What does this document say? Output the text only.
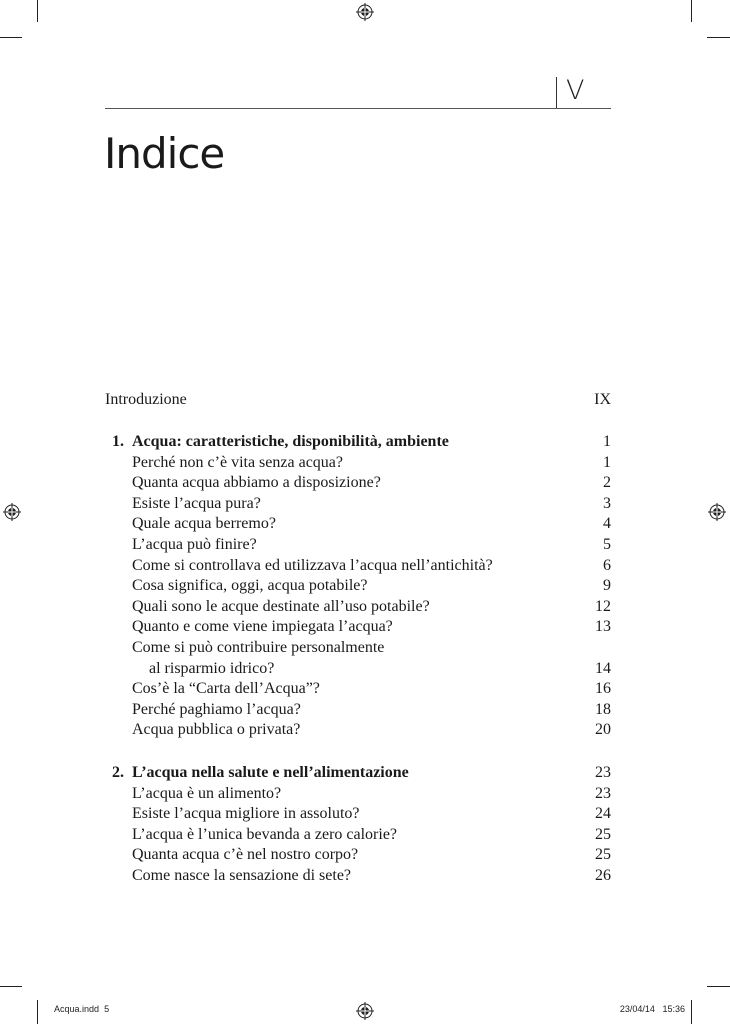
V
Indice
Introduzione	IX
1. Acqua: caratteristiche, disponibilità, ambiente	1
Perché non c’è vita senza acqua?	1
Quanta acqua abbiamo a disposizione?	2
Esiste l’acqua pura?	3
Quale acqua berremo?	4
L’acqua può finire?	5
Come si controllava ed utilizzava l’acqua nell’antichità?	6
Cosa significa, oggi, acqua potabile?	9
Quali sono le acque destinate all’uso potabile?	12
Quanto e come viene impiegata l’acqua?	13
Come si può contribuire personalmente
al risparmio idrico?	14
Cos’è la “Carta dell’Acqua”?	16
Perché paghiamo l’acqua?	18
Acqua pubblica o privata?	20
2. L’acqua nella salute e nell’alimentazione	23
L’acqua è un alimento?	23
Esiste l’acqua migliore in assoluto?	24
L’acqua è l’unica bevanda a zero calorie?	25
Quanta acqua c’è nel nostro corpo?	25
Come nasce la sensazione di sete?	26
Acqua.indd 5	23/04/14 15:36
